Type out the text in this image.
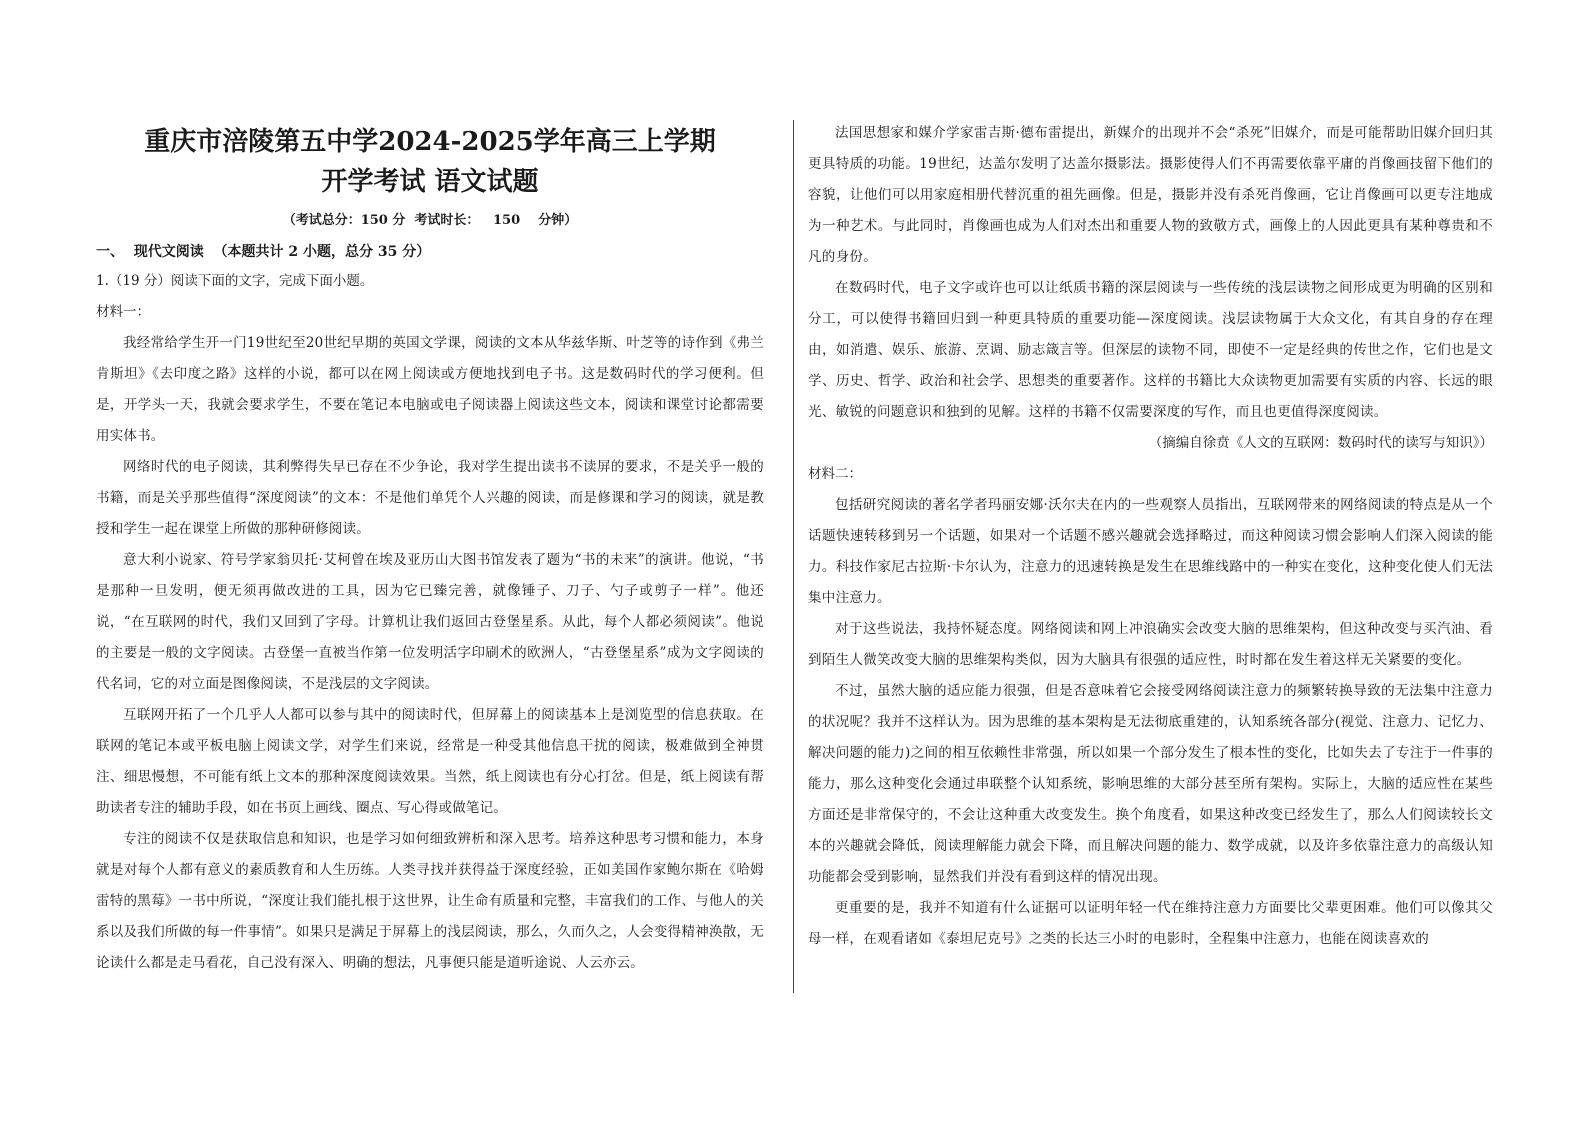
重庆市涪陵第五中学2024-2025学年高三上学期
开学考试 语文试题
（考试总分：150 分  考试时长：   150    分钟）
一、  现代文阅读  （本题共计 2 小题，总分 35 分）
1.（19 分）阅读下面的文字，完成下面小题。
材料一：

我经常给学生开一门19世纪至20世纪早期的英国文学课，阅读的文本从华兹华斯、叶芝等的诗作到《弗兰肯斯坦》《去印度之路》这样的小说，都可以在网上阅读或方便地找到电子书。这是数码时代的学习便利。但是，开学头一天，我就会要求学生，不要在笔记本电脑或电子阅读器上阅读这些文本，阅读和课堂讨论都需要用实体书。

网络时代的电子阅读，其利弊得失早已存在不少争论，我对学生提出读书不读屏的要求，不是关乎一般的书籍，而是关乎那些值得“深度阅读”的文本：不是他们单凭个人兴趣的阅读，而是修课和学习的阅读，就是教授和学生一起在课堂上所做的那种研修阅读。

意大利小说家、符号学家翁贝托·艾柯曾在埃及亚历山大图书馆发表了题为“书的未来”的演讲。他说，“书是那种一旦发明，便无须再做改进的工具，因为它已臻完善，就像锤子、刀子、勺子或剪子一样”。他还说，“在互联网的时代，我们又回到了字母。计算机让我们返回古登堡星系。从此，每个人都必须阅读”。他说的主要是一般的文字阅读。古登堡一直被当作第一位发明活字印刷术的欧洲人，“古登堡星系”成为文字阅读的代名词，它的对立面是图像阅读，不是浅层的文字阅读。

互联网开拓了一个几乎人人都可以参与其中的阅读时代，但屏幕上的阅读基本上是浏览型的信息获取。在联网的笔记本或平板电脑上阅读文学，对学生们来说，经常是一种受其他信息干扰的阅读，极难做到全神贯注、细思慢想，不可能有纸上文本的那种深度阅读效果。当然，纸上阅读也有分心打岔。但是，纸上阅读有帮助读者专注的辅助手段，如在书页上画线、圈点、写心得或做笔记。

专注的阅读不仅是获取信息和知识，也是学习如何细致辨析和深入思考。培养这种思考习惯和能力，本身就是对每个人都有意义的素质教育和人生历练。人类寻找并获得益于深度经验，正如美国作家鲍尔斯在《哈姆雷特的黑莓》一书中所说，“深度让我们能扎根于这世界，让生命有质量和完整，丰富我们的工作、与他人的关系以及我们所做的每一件事情”。如果只是满足于屏幕上的浅层阅读，那么，久而久之，人会变得精神涣散，无论读什么都是走马看花，自己没有深入、明确的想法，凡事便只能是道听途说、人云亦云。

法国思想家和媒介学家雷吉斯·德布雷提出，新媒介的出现并不会“杀死”旧媒介，而是可能帮助旧媒介回归其更具特质的功能。19世纪，达盖尔发明了达盖尔摄影法。摄影使得人们不再需要依靠平庸的肖像画技留下他们的容貌，让他们可以用家庭相册代替沉重的祖先画像。但是，摄影并没有杀死肖像画，它让肖像画可以更专注地成为一种艺术。与此同时，肖像画也成为人们对杰出和重要人物的致敬方式，画像上的人因此更具有某种尊贵和不凡的身份。

在数码时代，电子文字或许也可以让纸质书籍的深层阅读与一些传统的浅层读物之间形成更为明确的区别和分工，可以使得书籍回归到一种更具特质的重要功能—深度阅读。浅层读物属于大众文化，有其自身的存在理由，如消遣、娱乐、旅游、烹调、励志箴言等。但深层的读物不同，即使不一定是经典的传世之作，它们也是文学、历史、哲学、政治和社会学、思想类的重要著作。这样的书籍比大众读物更加需要有实质的内容、长远的眼光、敏锐的问题意识和独到的见解。这样的书籍不仅需要深度的写作，而且也更值得深度阅读。

（摘编自徐贲《人文的互联网：数码时代的读写与知识》）
材料二：

包括研究阅读的著名学者玛丽安娜·沃尔夫在内的一些观察人员指出，互联网带来的网络阅读的特点是从一个话题快速转移到另一个话题，如果对一个话题不感兴趣就会选择略过，而这种阅读习惯会影响人们深入阅读的能力。科技作家尼古拉斯·卡尔认为，注意力的迅速转换是发生在思维线路中的一种实在变化，这种变化使人们无法集中注意力。

对于这些说法，我持怀疑态度。网络阅读和网上冲浪确实会改变大脑的思维架构，但这种改变与买汽油、看到陌生人微笑改变大脑的思维架构类似，因为大脑具有很强的适应性，时时都在发生着这样无关紧要的变化。

不过，虽然大脑的适应能力很强，但是否意味着它会接受网络阅读注意力的频繁转换导致的无法集中注意力的状况呢？我并不这样认为。因为思维的基本架构是无法彻底重建的，认知系统各部分(视觉、注意力、记忆力、解决问题的能力)之间的相互依赖性非常强，所以如果一个部分发生了根本性的变化，比如失去了专注于一件事的能力，那么这种变化会通过串联整个认知系统，影响思维的大部分甚至所有架构。实际上，大脑的适应性在某些方面还是非常保守的，不会让这种重大改变发生。换个角度看，如果这种改变已经发生了，那么人们阅读较长文本的兴趣就会降低，阅读理解能力就会下降，而且解决问题的能力、数学成就，以及许多依靠注意力的高级认知功能都会受到影响，显然我们并没有看到这样的情况出现。

更重要的是，我并不知道有什么证据可以证明年轻一代在维持注意力方面要比父辈更困难。他们可以像其父母一样，在观看诸如《泰坦尼克号》之类的长达三小时的电影时，全程集中注意力，也能在阅读喜欢的
